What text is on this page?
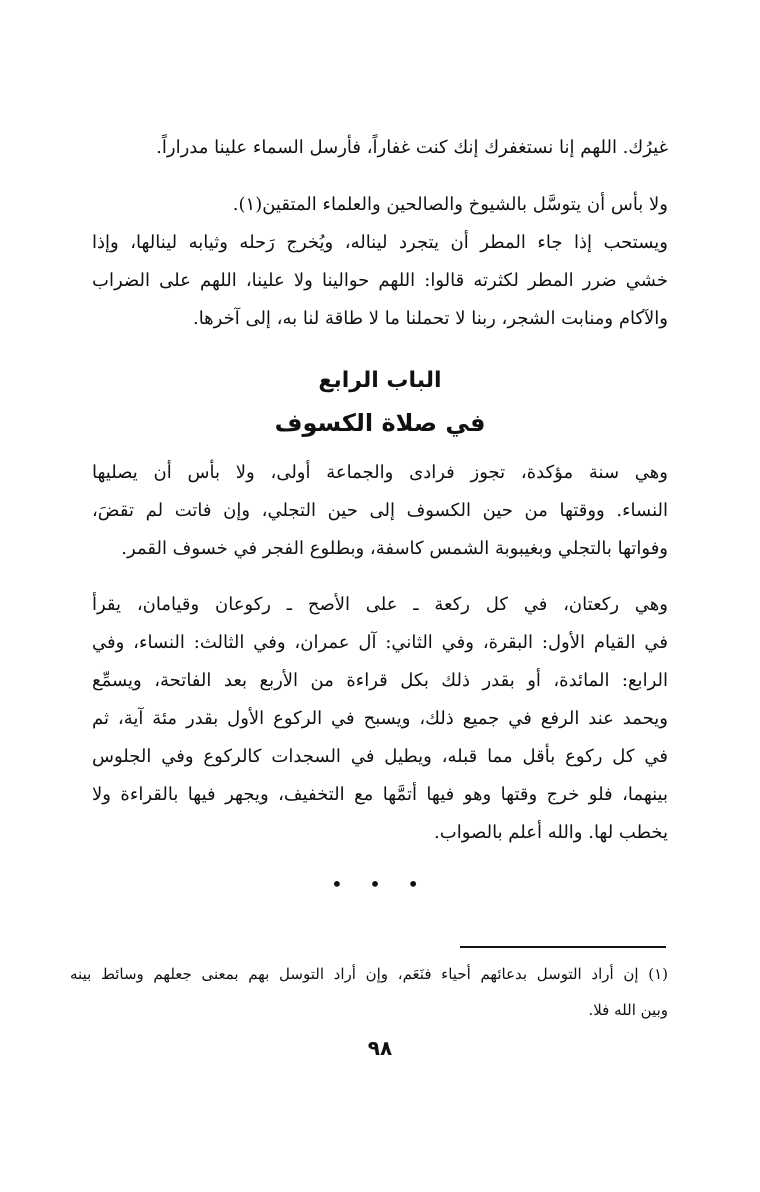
غيرُك. اللهم إنا نستغفرك إنك كنت غفاراً، فأرسل السماء علينا مدراراً.
ولا بأس أن يتوسَّل بالشيوخ والصالحين والعلماء المتقين(١).
ويستحب إذا جاء المطر أن يتجرد ليناله، ويُخرج رَحله وثيابه لينالها، وإذا
خشي ضرر المطر لكثرته قالوا: اللهم حوالينا ولا علينا، اللهم على الضراب
والآكام ومنابت الشجر، ربنا لا تحملنا ما لا طاقة لنا به، إلى آخرها.
الباب الرابع
في صلاة الكسوف
وهي سنة مؤكدة، تجوز فرادى والجماعة أولى، ولا بأس أن يصليها
النساء. ووقتها من حين الكسوف إلى حين التجلي، وإن فاتت لم تقضَ،
وفواتها بالتجلي وبغيبوبة الشمس كاسفة، وبطلوع الفجر في خسوف القمر.
وهي ركعتان، في كل ركعة ـ على الأصح ـ ركوعان وقيامان، يقرأ
في القيام الأول: البقرة، وفي الثاني: آل عمران، وفي الثالث: النساء، وفي
الرابع: المائدة، أو بقدر ذلك بكل قراءة من الأربع بعد الفاتحة، ويسمِّع
ويحمد عند الرفع في جميع ذلك، ويسبح في الركوع الأول بقدر مئة آية، ثم
في كل ركوع بأقل مما قبله، ويطيل في السجدات كالركوع وفي الجلوس
بينهما، فلو خرج وقتها وهو فيها أتمَّها مع التخفيف، ويجهر فيها بالقراءة ولا
يخطب لها. والله أعلم بالصواب.
• • •
(١) إن أراد التوسل بدعائهم أحياء فنَعَم، وإن أراد التوسل بهم بمعنى جعلهم وسائط بينه
وبين الله فلا.
٩٨
